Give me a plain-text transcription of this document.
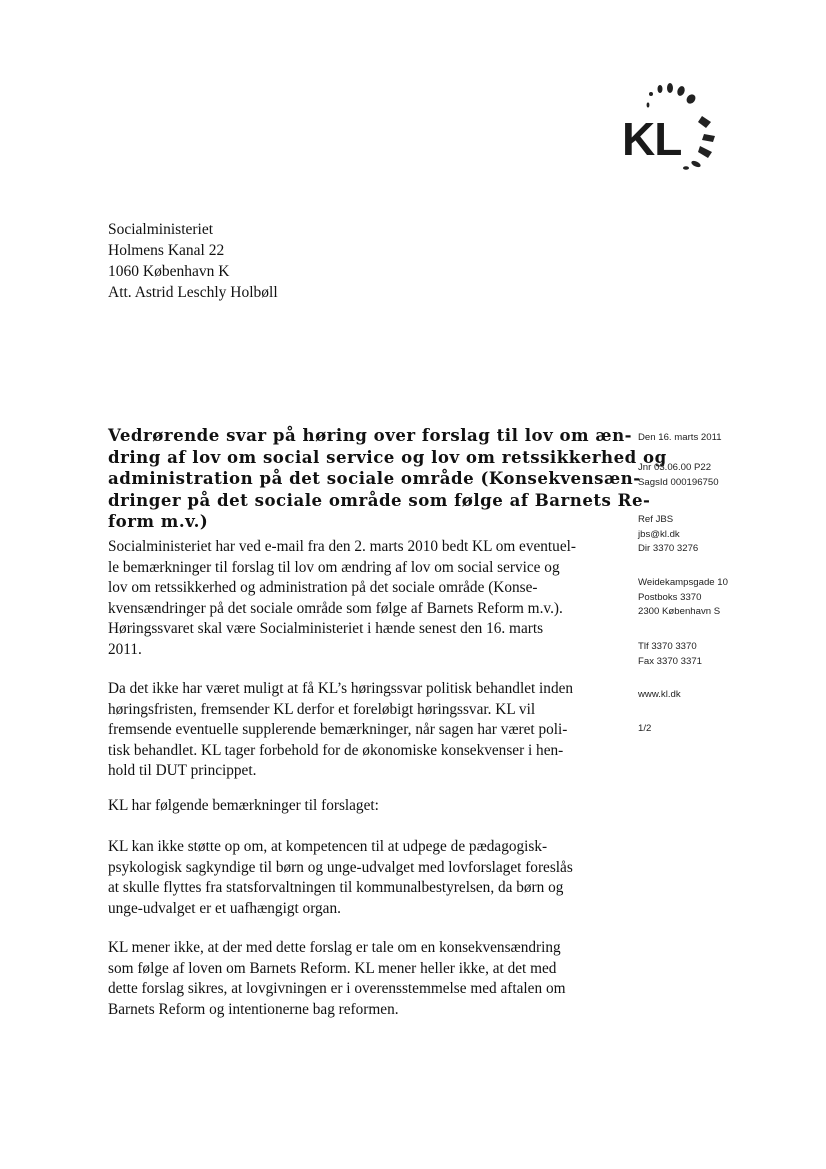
KL
Socialministeriet
Holmens Kanal 22
1060 København K
Att. Astrid Leschly Holbøll
Vedrørende svar på høring over forslag til lov om æn-
dring af lov om social service og lov om retssikkerhed og
administration på det sociale område (Konsekvensæn-
dringer på det sociale område som følge af Barnets Re-
form m.v.)
Socialministeriet har ved e-mail fra den 2. marts 2010 bedt KL om eventuel-
le bemærkninger til forslag til lov om ændring af lov om social service og
lov om retssikkerhed og administration på det sociale område (Konse-
kvensændringer på det sociale område som følge af Barnets Reform m.v.).
Høringssvaret skal være Socialministeriet i hænde senest den 16. marts
2011.
Da det ikke har været muligt at få KL’s høringssvar politisk behandlet inden
høringsfristen, fremsender KL derfor et foreløbigt høringssvar. KL vil
fremsende eventuelle supplerende bemærkninger, når sagen har været poli-
tisk behandlet. KL tager forbehold for de økonomiske konsekvenser i hen-
hold til DUT princippet.
KL har følgende bemærkninger til forslaget:
KL kan ikke støtte op om, at kompetencen til at udpege de pædagogisk-
psykologisk sagkyndige til børn og unge-udvalget med lovforslaget foreslås
at skulle flyttes fra statsforvaltningen til kommunalbestyrelsen, da børn og
unge-udvalget er et uafhængigt organ.
KL mener ikke, at der med dette forslag er tale om en konsekvensændring
som følge af loven om Barnets Reform. KL mener heller ikke, at det med
dette forslag sikres, at lovgivningen er i overensstemmelse med aftalen om
Barnets Reform og intentionerne bag reformen.
Den 16. marts 2011
Jnr 03.06.00 P22
SagsId 000196750
Ref JBS
jbs@kl.dk
Dir 3370 3276
Weidekampsgade 10
Postboks 3370
2300 København S
Tlf 3370 3370
Fax 3370 3371
www.kl.dk
1/2
